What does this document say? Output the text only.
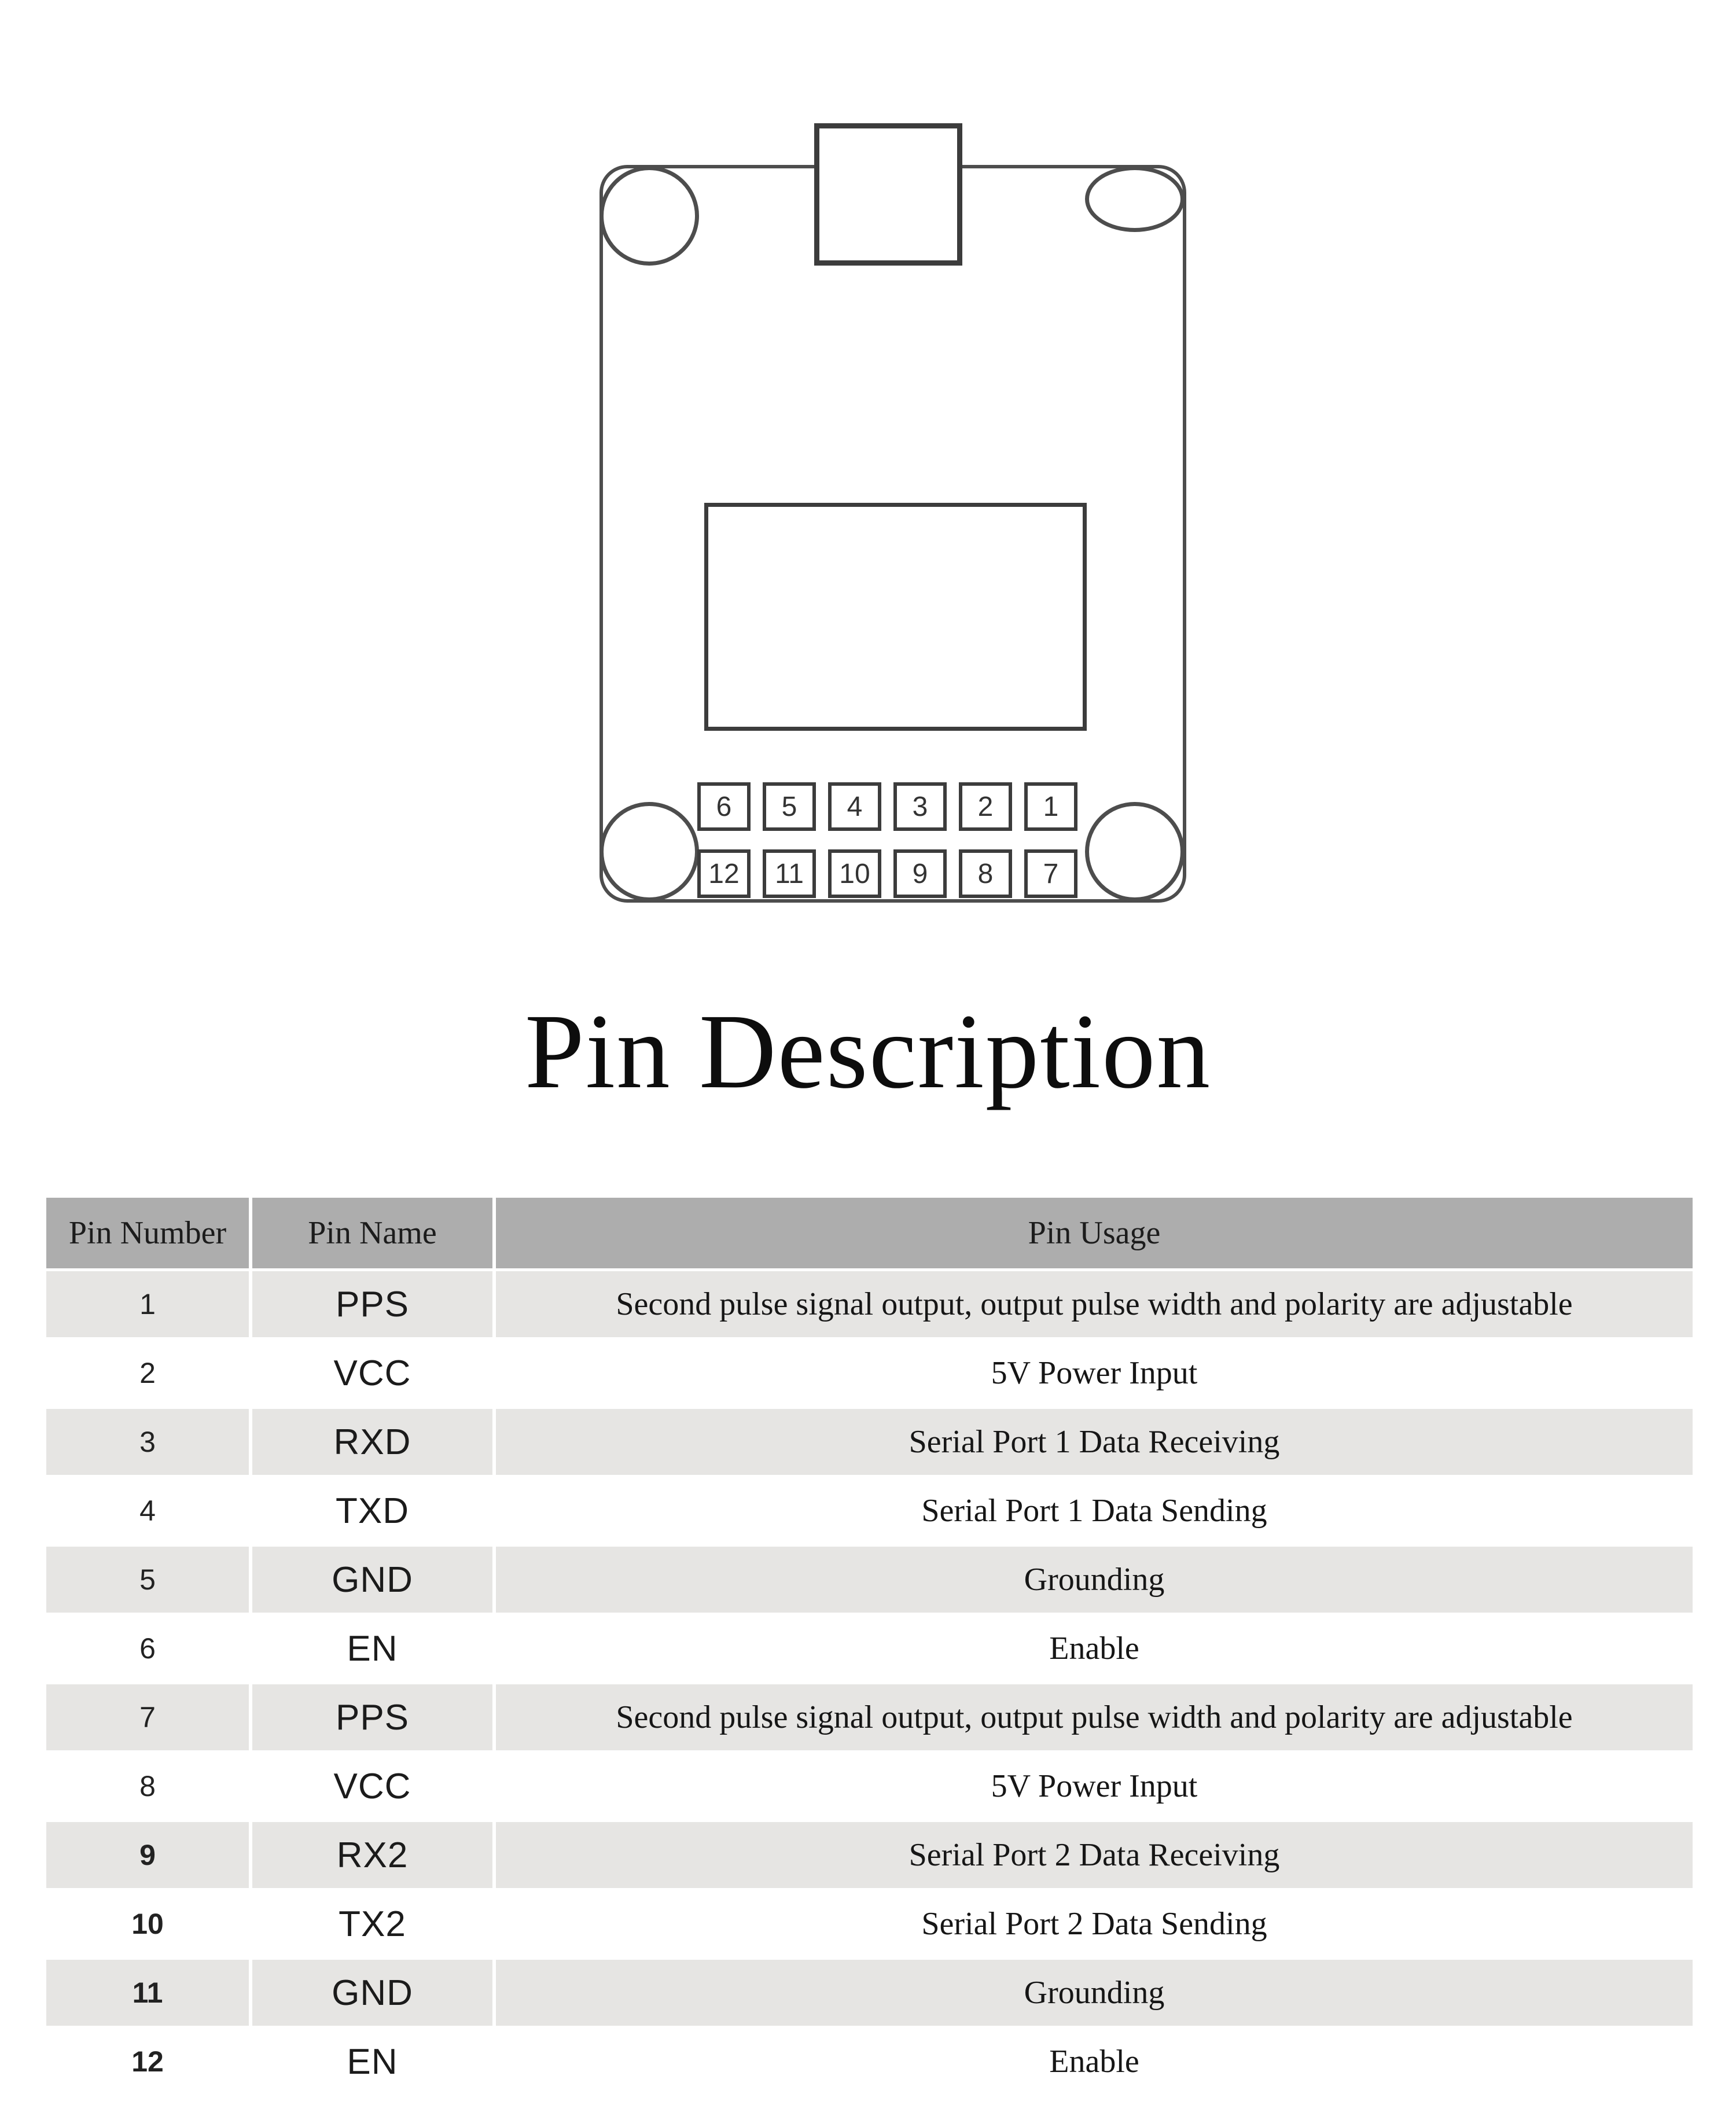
6 5 4 3 2 1
12 11 10 9 8 7
Pin Description
Pin Number	Pin Name	Pin Usage
1	PPS	Second pulse signal output, output pulse width and polarity are adjustable
2	VCC	5V Power Input
3	RXD	Serial Port 1 Data Receiving
4	TXD	Serial Port 1 Data Sending
5	GND	Grounding
6	EN	Enable
7	PPS	Second pulse signal output, output pulse width and polarity are adjustable
8	VCC	5V Power Input
9	RX2	Serial Port 2 Data Receiving
10	TX2	Serial Port 2 Data Sending
11	GND	Grounding
12	EN	Enable
